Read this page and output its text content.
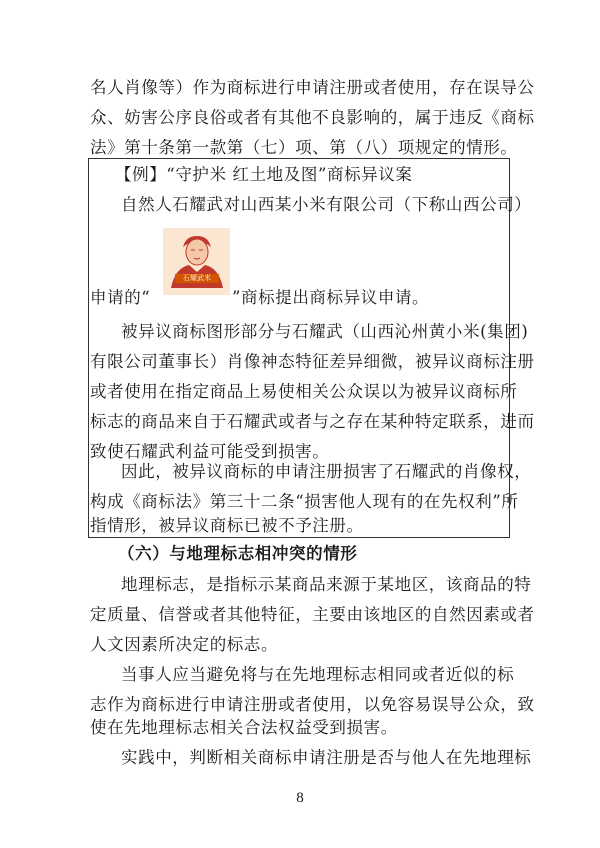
名人肖像等）作为商标进行申请注册或者使用，存在误导公
众、妨害公序良俗或者有其他不良影响的，属于违反《商标
法》第十条第一款第（七）项、第（八）项规定的情形。
【例】“守护米 红土地及图”商标异议案
自然人石耀武对山西某小米有限公司（下称山西公司）
石耀武米
申请的“	”商标提出商标异议申请。
被异议商标图形部分与石耀武（山西沁州黄小米(集团)
有限公司董事长）肖像神态特征差异细微，被异议商标注册
或者使用在指定商品上易使相关公众误以为被异议商标所
标志的商品来自于石耀武或者与之存在某种特定联系，进而
致使石耀武利益可能受到损害。
因此，被异议商标的申请注册损害了石耀武的肖像权，
构成《商标法》第三十二条“损害他人现有的在先权利”所
指情形，被异议商标已被不予注册。
（六）与地理标志相冲突的情形
地理标志，是指标示某商品来源于某地区，该商品的特
定质量、信誉或者其他特征，主要由该地区的自然因素或者
人文因素所决定的标志。
当事人应当避免将与在先地理标志相同或者近似的标
志作为商标进行申请注册或者使用，以免容易误导公众，致
使在先地理标志相关合法权益受到损害。
实践中，判断相关商标申请注册是否与他人在先地理标
8
